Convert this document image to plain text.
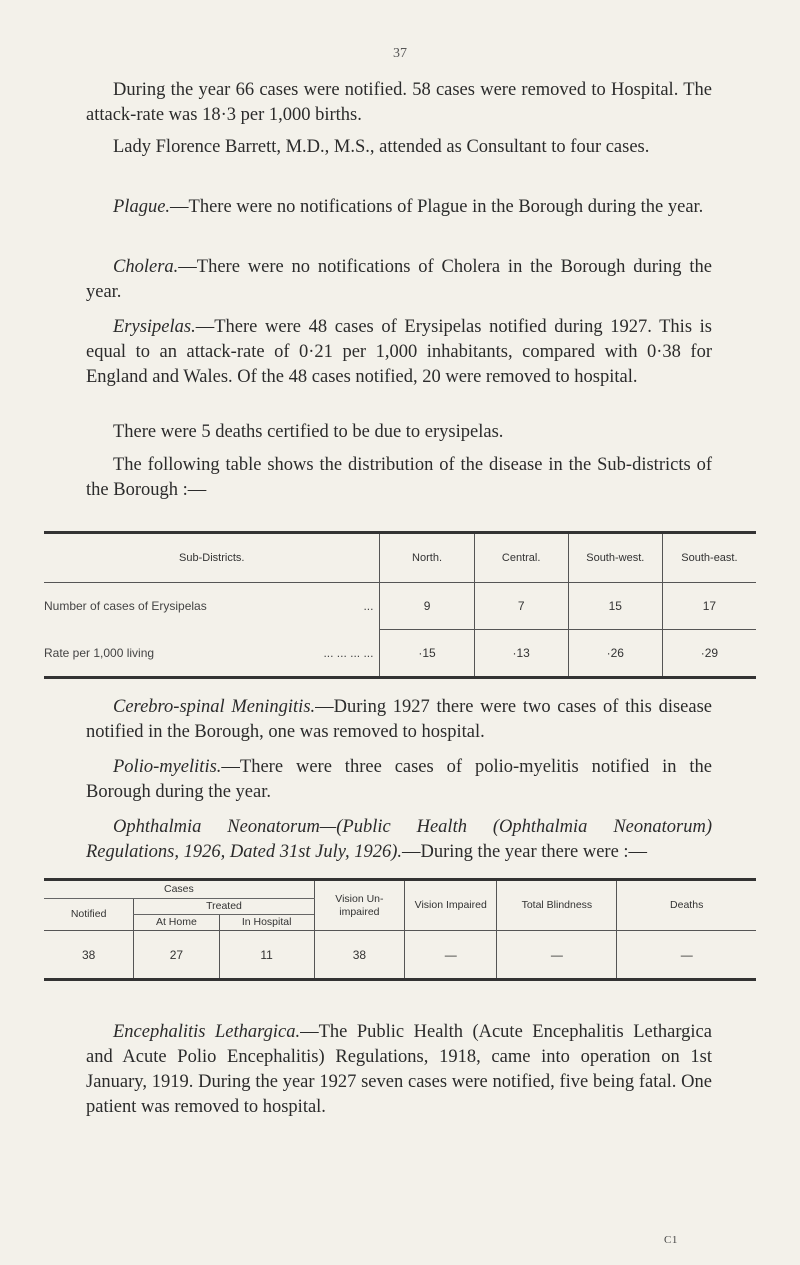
37

During the year 66 cases were notified. 58 cases were removed to Hospital. The attack-rate was 18·3 per 1,000 births.

Lady Florence Barrett, M.D., M.S., attended as Consultant to four cases.

Plague.—There were no notifications of Plague in the Borough during the year.

Cholera.—There were no notifications of Cholera in the Borough during the year.

Erysipelas.—There were 48 cases of Erysipelas notified during 1927. This is equal to an attack-rate of 0·21 per 1,000 inhabitants, compared with 0·38 for England and Wales. Of the 48 cases notified, 20 were removed to hospital.

There were 5 deaths certified to be due to erysipelas.

The following table shows the distribution of the disease in the Sub-districts of the Borough :—

Sub-Districts.	North.	Central.	South-west.	South-east.
Number of cases of Erysipelas ...	9	7	15	17
Rate per 1,000 living ... ... ... ...	·15	·13	·26	·29

Cerebro-spinal Meningitis.—During 1927 there were two cases of this disease notified in the Borough, one was removed to hospital.

Polio-myelitis.—There were three cases of polio-myelitis notified in the Borough during the year.

Ophthalmia Neonatorum—(Public Health (Ophthalmia Neonatorum) Regulations, 1926, Dated 31st July, 1926).—During the year there were :—

Cases			Vision Un- impaired	Vision Impaired	Total Blindness	Deaths
Notified	Treated					
	At Home	In Hospital				
38	27	11	38	—	—	—

Encephalitis Lethargica.—The Public Health (Acute Encephalitis Lethargica and Acute Polio Encephalitis) Regulations, 1918, came into operation on 1st January, 1919. During the year 1927 seven cases were notified, five being fatal. One patient was removed to hospital.

C1
